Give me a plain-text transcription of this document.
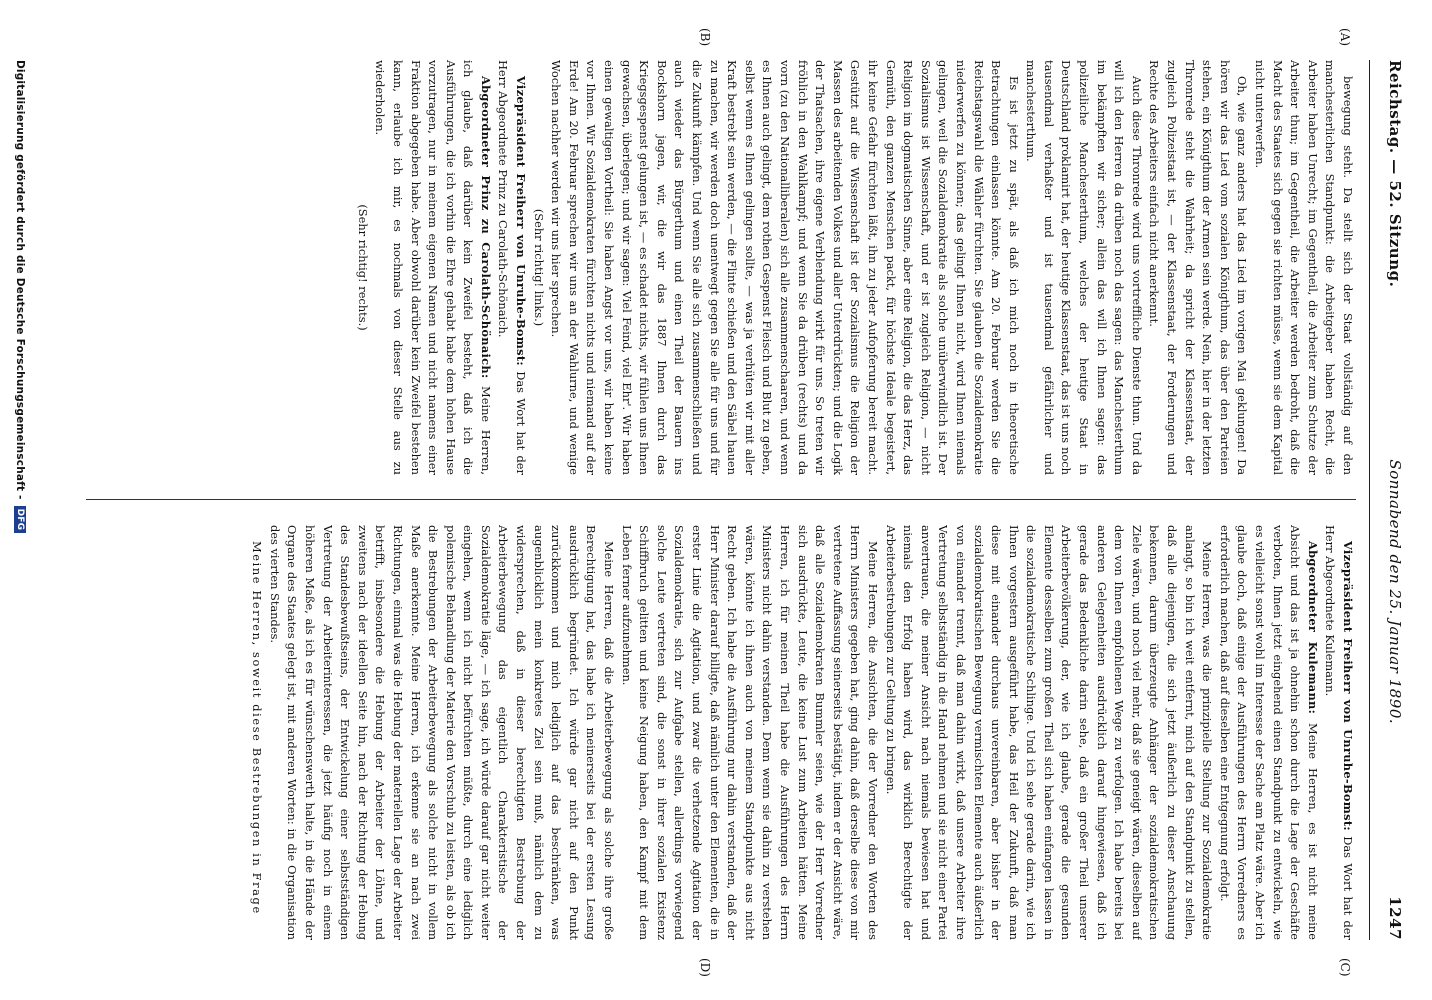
Reichstag. — 52. Sitzung.
Sonnabend den 25. Januar 1890.
1247
(A)
(B)
(C)
(D)

bewegung steht. Da stellt sich der Staat vollständig auf den manchesterlichen Standpunkt: die Arbeitgeber haben Recht, die Arbeiter haben Unrecht; im Gegentheil, die Arbeiter zum Schutze der Arbeiter thun; im Gegentheil, die Arbeiter werden bedroht, daß die Macht des Staates sich gegen sie richten müsse, wenn sie dem Kapital nicht unterwerfen.

Oh, wie ganz anders hat das Lied im vorigen Mai geklungen! Da hören wir das Lied vom sozialen Königthum, das über den Parteien stehen, ein Königthum der Armen sein werde. Nein, hier in der letzten Thronrede steht die Wahrheit; da spricht der Klassenstaat, der zugleich Polizeistaat ist, — der Klassenstaat, der Forderungen und Rechte des Arbeiters einfach nicht anerkennt.

Auch diese Thronrede wird uns vortreffliche Dienste thun. Und da will ich den Herren da drüben noch das sagen: das Manchesterthum im bekämpften wir sicher; allein das will ich Ihnen sagen: das polizeiliche Manchesterthum, welches der heutige Staat in Deutschland proklamirt hat, der heutige Klassenstaat, das ist uns noch tausendmal verhaßter und ist tausendmal gefährlicher und manchesterthum.

Es ist jetzt zu spät, als daß ich mich noch in theoretische Betrachtungen einlassen könnte. Am 20. Februar werden Sie die Reichstagswahl die Wähler fürchten. Sie glauben die Sozialdemokratie niederwerfen zu können; das gelingt Ihnen nicht, wird Ihnen niemals gelingen, weil die Sozialdemokratie als solche unüberwindlich ist. Der Sozialismus ist Wissenschaft, und er ist zugleich Religion, — nicht Religion im dogmatischen Sinne, aber eine Religion, die das Herz, das Gemüth, den ganzen Menschen packt, für höchste Ideale begeistert, ihr keine Gefahr fürchten läßt, ihn zu jeder Aufopferung bereit macht. Gestützt auf die Wissenschaft ist der Sozialismus die Religion der Massen des arbeitenden Volkes und aller Unterdrückten; und die Logik der Thatsachen, ihre eigene Verblendung wirkt für uns. So treten wir fröhlich in den Wahlkampf; und wenn Sie da drüben (rechts) und da vorn (zu den Nationalliberalen) sich alle zusammenschaaren, und wenn es Ihnen auch gelingt, dem rothen Gespenst Fleisch und Blut zu geben, selbst wenn es Ihnen gelingen sollte, — was ja verhüten wir mit aller Kraft bestrebt sein werden, — die Flinte schießen und den Säbel hauen zu machen, wir werden doch unentwegt gegen Sie alle für uns und für die Zukunft kämpfen. Und wenn Sie alle sich zusammenschließen und auch wieder das Bürgerthum und einen Theil der Bauern ins Bockshorn jagen, wir, die wir das 1887 Ihnen durch das Kriegsgespenst gelungen ist, — es schadet nichts, wir fühlen uns Ihnen gewachsen, überlegen; und wir sagen: Viel Feind, viel Ehr'. Wir haben einen gewaltigen Vortheil: Sie haben Angst vor uns, wir haben keine vor Ihnen. Wir Sozialdemokraten fürchten nichts und niemand auf der Erde! Am 20. Februar sprechen wir uns an der Wahlurne, und wenige Wochen nachher werden wir uns hier sprechen.

(Sehr richtig! links.)

Vizepräsident Freiherr von Unruhe-Bomst: Das Wort hat der Herr Abgeordnete Prinz zu Carolath-Schönaich.

Abgeordneter Prinz zu Carolath-Schönaich: Meine Herren, ich glaube, daß darüber kein Zweifel besteht, daß ich die Ausführungen, die ich vorhin die Ehre gehabt habe dem hohen Hause vorzutragen, nur in meinem eigenen Namen und nicht namens einer Fraktion abgegeben habe. Aber obwohl darüber kein Zweifel bestehen kann, erlaube ich mir, es nochmals von dieser Stelle aus zu wiederholen.

(Sehr richtig! rechts.)

Vizepräsident Freiherr von Unruhe-Bomst: Das Wort hat der Herr Abgeordnete Kulemann.

Abgeordneter Kulemann: Meine Herren, es ist nicht meine Absicht und das ist ja ohnehin schon durch die Lage der Geschäfte verboten, Ihnen jetzt eingehend einen Standpunkt zu entwickeln, wie es vielleicht sonst wohl im Interesse der Sache am Platz wäre. Aber ich glaube doch, daß einige der Ausführungen des Herrn Vorredners es erforderlich machen, daß auf dieselben eine Entgegnung erfolgt.

Meine Herren, was die prinzipielle Stellung zur Sozialdemokratie anlangt, so bin ich weit entfernt, mich auf den Standpunkt zu stellen, daß alle diejenigen, die sich jetzt äußerlich zu dieser Anschauung bekennen, darum überzeugte Anhänger der sozialdemokratischen Ziele wären, und noch viel mehr, daß sie geneigt wären, dieselben auf dem von Ihnen empfohlenen Wege zu verfolgen. Ich habe bereits bei anderen Gelegenheiten ausdrücklich darauf hingewiesen, daß ich gerade das Bedenkliche darin sehe, daß ein großer Theil unserer Arbeiterbevölkerung, der, wie ich glaube, gerade die gesunden Elemente desselben zum großen Theil sich haben einfangen lassen in die sozialdemokratische Schlinge. Und ich sehe gerade darin, wie ich Ihnen vorgestern ausgeführt habe, das Heil der Zukunft, daß man diese mit einander durchaus unvereinbaren, aber bisher in der sozialdemokratischen Bewegung vermischten Elemente auch äußerlich von einander trennt, daß man dahin wirkt, daß unsere Arbeiter ihre Vertretung selbstständig in die Hand nehmen und sie nicht einer Partei anvertrauen, die meiner Ansicht nach niemals bewiesen hat und niemals den Erfolg haben wird, das wirklich Berechtigte der Arbeiterbestrebungen zur Geltung zu bringen.

Meine Herren, die Ansichten, die der Vorredner den Worten des Herrn Ministers gegeben hat, ging dahin, daß derselbe diese von mir vertretene Auffassung seinerseits bestätigt, indem er der Ansicht wäre, daß alle Sozialdemokraten Bummler seien, wie der Herr Vorredner sich ausdrückte, Leute, die keine Lust zum Arbeiten hätten. Meine Herren, ich für meinen Theil habe die Ausführungen des Herrn Ministers nicht dahin verstanden. Denn wenn sie dahin zu verstehen wären, könnte ich ihnen auch von meinem Standpunkte aus nicht Recht geben. Ich habe die Ausführung nur dahin verstanden, daß der Herr Minister darauf billigte, daß nämlich unter den Elementen, die in erster Linie die Agitation, und zwar die verhetzende Agitation der Sozialdemokratie, sich zur Aufgabe stellen, allerdings vorwiegend solche Leute vertreten sind, die sonst in ihrer sozialen Existenz Schiffbruch gelitten und keine Neigung haben, den Kampf mit dem Leben ferner aufzunehmen.

Meine Herren, daß die Arbeiterbewegung als solche ihre große Berechtigung hat, das habe ich meinerseits bei der ersten Lesung ausdrücklich begründet. Ich würde gar nicht auf den Punkt zurückkommen und mich lediglich auf das beschränken, was augenblicklich mein konkretes Ziel sein muß, nämlich dem zu widersprechen, daß in dieser berechtigten Bestrebung der Arbeiterbewegung das eigentlich Charakteristische der Sozialdemokratie läge, — ich sage, ich würde darauf gar nicht weiter eingehen, wenn ich nicht befürchten müßte, durch eine lediglich polemische Behandlung der Materie den Vorschub zu leisten, als ob ich die Bestrebungen der Arbeiterbewegung als solche nicht in vollem Maße anerkennte. Meine Herren, ich erkenne sie an nach zwei Richtungen, einmal was die Hebung der materiellen Lage der Arbeiter betrifft, insbesondere die Hebung der Arbeiter der Löhne, und zweitens nach der ideellen Seite hin, nach der Richtung der Hebung des Standesbewußtseins, der Entwickelung einer selbstständigen Vertretung der Arbeiterinteressen, die jetzt häufig noch in einem höheren Maße, als ich es für wünschenswerth halte, in die Hände der Organe des Staates gelegt ist, mit anderen Worten: in die Organisation des vierten Standes.

Meine Herren, soweit diese Bestrebungen in Frage

Digitalisierung gefördert durch die Deutsche Forschungsgemeinschaft -
DFG
